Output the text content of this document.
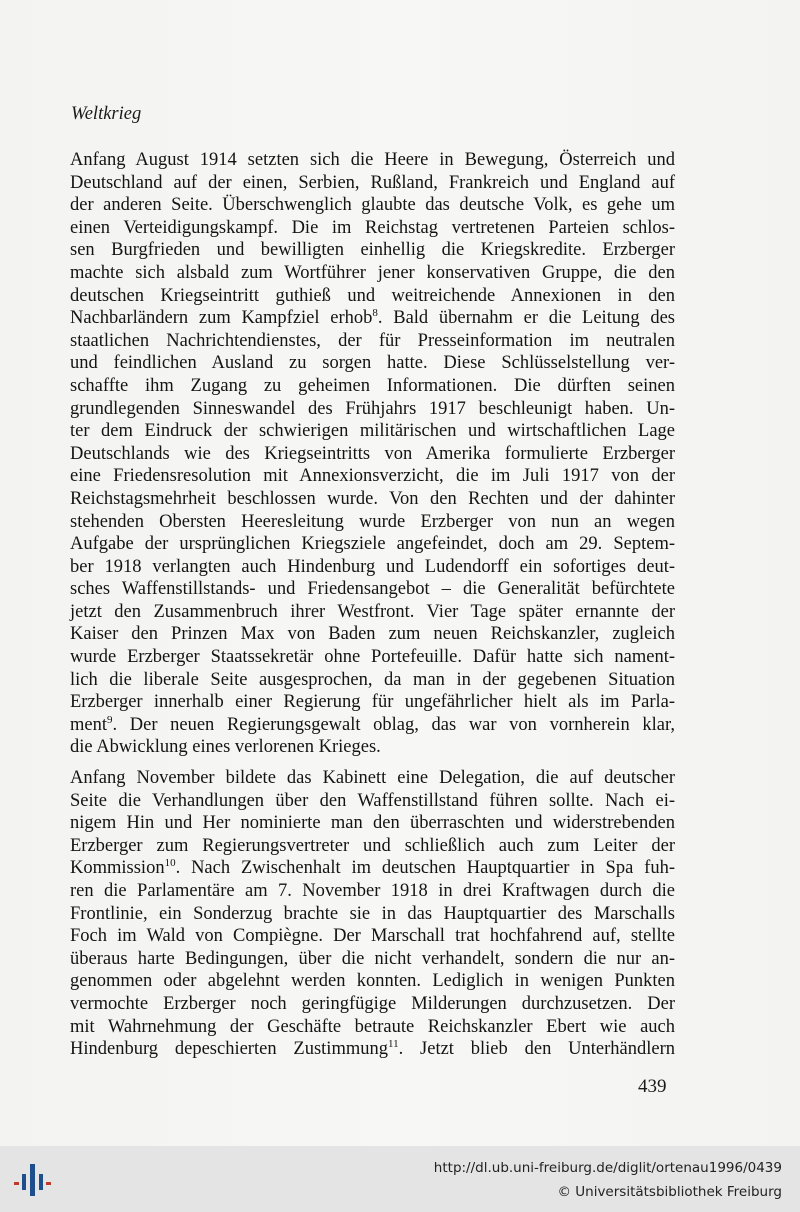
Weltkrieg
Anfang August 1914 setzten sich die Heere in Bewegung, Österreich und
Deutschland auf der einen, Serbien, Rußland, Frankreich und England auf
der anderen Seite. Überschwenglich glaubte das deutsche Volk, es gehe um
einen Verteidigungskampf. Die im Reichstag vertretenen Parteien schlos-
sen Burgfrieden und bewilligten einhellig die Kriegskredite. Erzberger
machte sich alsbald zum Wortführer jener konservativen Gruppe, die den
deutschen Kriegseintritt guthieß und weitreichende Annexionen in den
Nachbarländern zum Kampfziel erhob$^8$. Bald übernahm er die Leitung des
staatlichen Nachrichtendienstes, der für Presseinformation im neutralen
und feindlichen Ausland zu sorgen hatte. Diese Schlüsselstellung ver-
schaffte ihm Zugang zu geheimen Informationen. Die dürften seinen
grundlegenden Sinneswandel des Frühjahrs 1917 beschleunigt haben. Un-
ter dem Eindruck der schwierigen militärischen und wirtschaftlichen Lage
Deutschlands wie des Kriegseintritts von Amerika formulierte Erzberger
eine Friedensresolution mit Annexionsverzicht, die im Juli 1917 von der
Reichstagsmehrheit beschlossen wurde. Von den Rechten und der dahinter
stehenden Obersten Heeresleitung wurde Erzberger von nun an wegen
Aufgabe der ursprünglichen Kriegsziele angefeindet, doch am 29. Septem-
ber 1918 verlangten auch Hindenburg und Ludendorff ein sofortiges deut-
sches Waffenstillstands- und Friedensangebot – die Generalität befürchtete
jetzt den Zusammenbruch ihrer Westfront. Vier Tage später ernannte der
Kaiser den Prinzen Max von Baden zum neuen Reichskanzler, zugleich
wurde Erzberger Staatssekretär ohne Portefeuille. Dafür hatte sich nament-
lich die liberale Seite ausgesprochen, da man in der gegebenen Situation
Erzberger innerhalb einer Regierung für ungefährlicher hielt als im Parla-
ment$^9$. Der neuen Regierungsgewalt oblag, das war von vornherein klar,
die Abwicklung eines verlorenen Krieges.
Anfang November bildete das Kabinett eine Delegation, die auf deutscher
Seite die Verhandlungen über den Waffenstillstand führen sollte. Nach ei-
nigem Hin und Her nominierte man den überraschten und widerstrebenden
Erzberger zum Regierungsvertreter und schließlich auch zum Leiter der
Kommission$^{10}$. Nach Zwischenhalt im deutschen Hauptquartier in Spa fuh-
ren die Parlamentäre am 7. November 1918 in drei Kraftwagen durch die
Frontlinie, ein Sonderzug brachte sie in das Hauptquartier des Marschalls
Foch im Wald von Compiègne. Der Marschall trat hochfahrend auf, stellte
überaus harte Bedingungen, über die nicht verhandelt, sondern die nur an-
genommen oder abgelehnt werden konnten. Lediglich in wenigen Punkten
vermochte Erzberger noch geringfügige Milderungen durchzusetzen. Der
mit Wahrnehmung der Geschäfte betraute Reichskanzler Ebert wie auch
Hindenburg depeschierten Zustimmung$^{11}$. Jetzt blieb den Unterhändlern
439
http://dl.ub.uni-freiburg.de/diglit/ortenau1996/0439
© Universitätsbibliothek Freiburg
